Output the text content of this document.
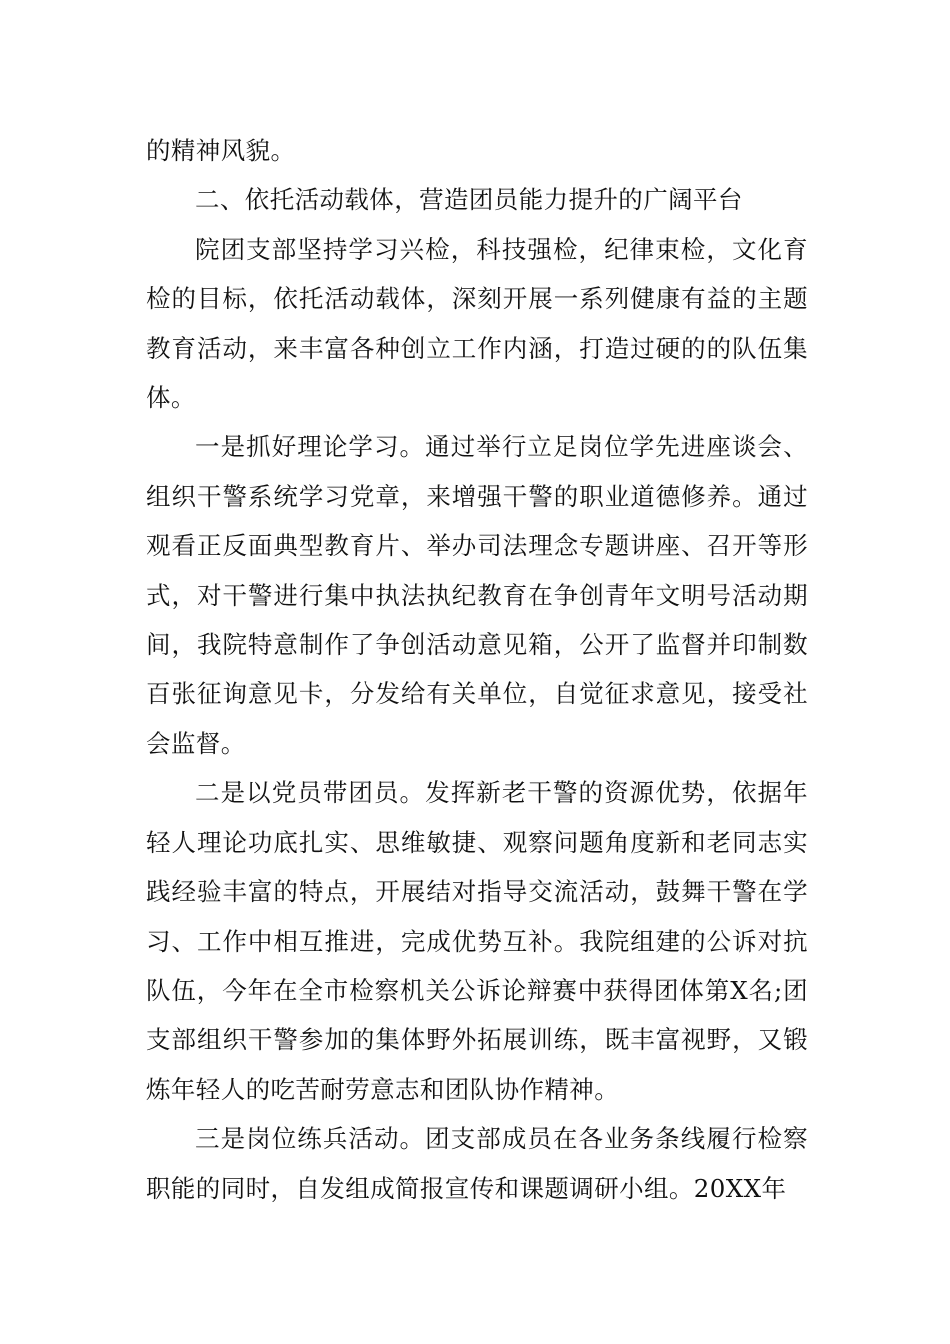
的精神风貌。

二、依托活动载体，营造团员能力提升的广阔平台

院团支部坚持学习兴检，科技强检，纪律束检，文化育检的目标，依托活动载体，深刻开展一系列健康有益的主题教育活动，来丰富各种创立工作内涵，打造过硬的的队伍集体。

一是抓好理论学习。通过举行立足岗位学先进座谈会、组织干警系统学习党章，来增强干警的职业道德修养。通过观看正反面典型教育片、举办司法理念专题讲座、召开等形式，对干警进行集中执法执纪教育在争创青年文明号活动期间，我院特意制作了争创活动意见箱，公开了监督并印制数百张征询意见卡，分发给有关单位，自觉征求意见，接受社会监督。

二是以党员带团员。发挥新老干警的资源优势，依据年轻人理论功底扎实、思维敏捷、观察问题角度新和老同志实践经验丰富的特点，开展结对指导交流活动，鼓舞干警在学习、工作中相互推进，完成优势互补。我院组建的公诉对抗队伍，今年在全市检察机关公诉论辩赛中获得团体第X名;团支部组织干警参加的集体野外拓展训练，既丰富视野，又锻炼年轻人的吃苦耐劳意志和团队协作精神。

三是岗位练兵活动。团支部成员在各业务条线履行检察职能的同时，自发组成简报宣传和课题调研小组。20XX年
